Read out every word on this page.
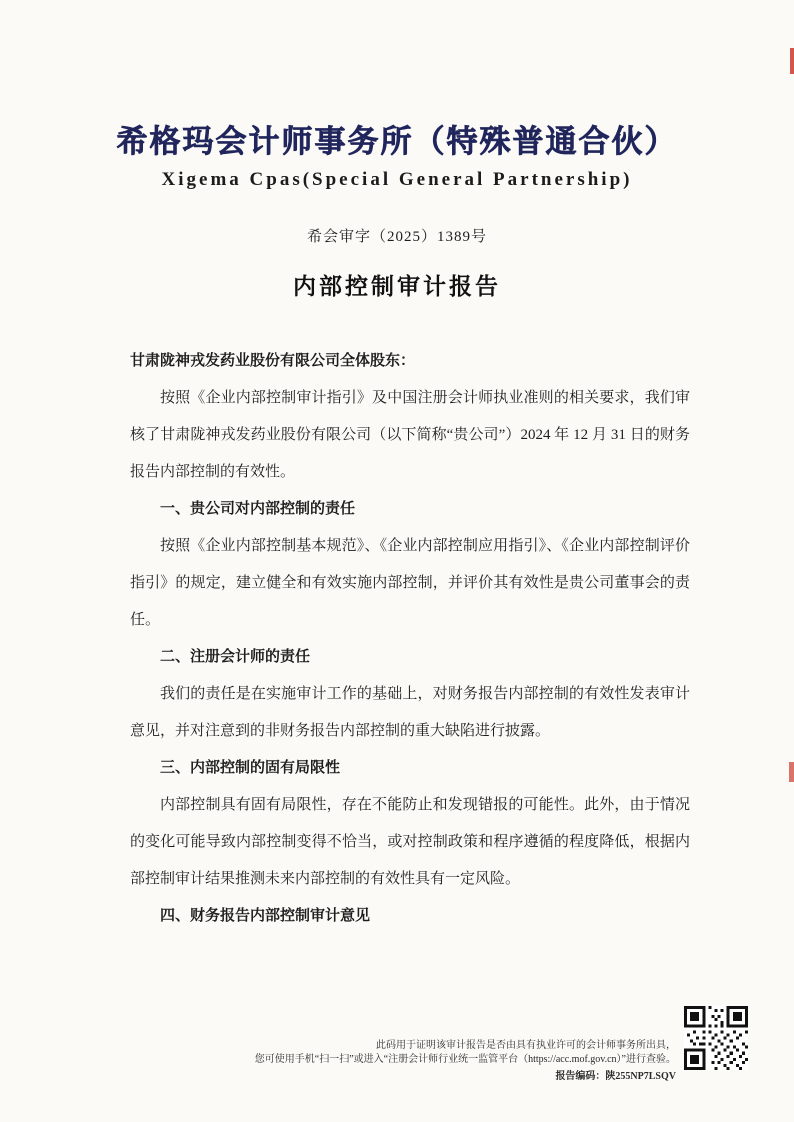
希格玛会计师事务所（特殊普通合伙）
Xigema Cpas(Special General Partnership)
希会审字（2025）1389号
内部控制审计报告

甘肃陇神戎发药业股份有限公司全体股东：

按照《企业内部控制审计指引》及中国注册会计师执业准则的相关要求，我们审核了甘肃陇神戎发药业股份有限公司（以下简称“贵公司”）2024 年 12 月 31 日的财务报告内部控制的有效性。

一、贵公司对内部控制的责任

按照《企业内部控制基本规范》、《企业内部控制应用指引》、《企业内部控制评价指引》的规定，建立健全和有效实施内部控制，并评价其有效性是贵公司董事会的责任。

二、注册会计师的责任

我们的责任是在实施审计工作的基础上，对财务报告内部控制的有效性发表审计意见，并对注意到的非财务报告内部控制的重大缺陷进行披露。

三、内部控制的固有局限性

内部控制具有固有局限性，存在不能防止和发现错报的可能性。此外，由于情况的变化可能导致内部控制变得不恰当，或对控制政策和程序遵循的程度降低，根据内部控制审计结果推测未来内部控制的有效性具有一定风险。

四、财务报告内部控制审计意见

此码用于证明该审计报告是否由具有执业许可的会计师事务所出具，
您可使用手机“扫一扫”或进入“注册会计师行业统一监管平台（https://acc.mof.gov.cn）”进行查验。
报告编码：陕255NP7LSQV
